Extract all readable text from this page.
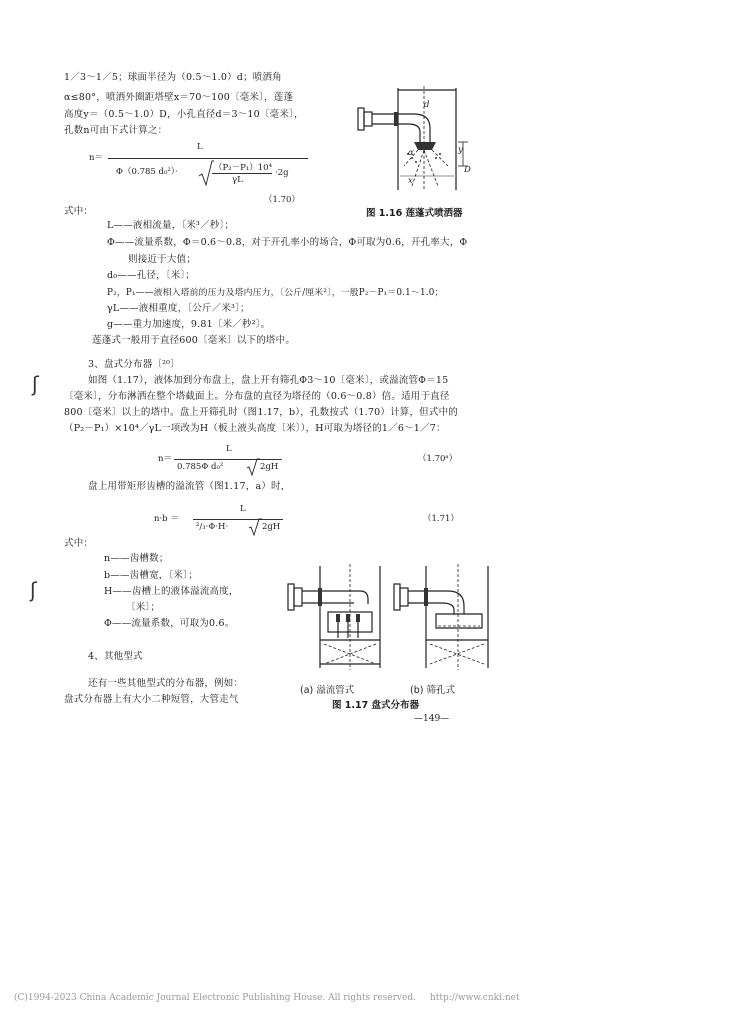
1／3～1／5；球面半径为（0.5～1.0）d；喷洒角
α≤80°，喷洒外圈距塔壁x＝70～100〔毫米〕，莲蓬
高度y＝（0.5～1.0）D，小孔直径d＝3～10〔毫米〕，
孔数n可由下式计算之：
n＝
L
Φ（0.785 d₀²）·	（P₂－P₁）10⁴
γL
·2g
（1.70）
式中：
L——液相流量，〔米³／秒〕；
Φ——流量系数，Φ＝0.6～0.8，对于开孔率小的场合，Φ可取为0.6，开孔率大，Φ
则接近于大值；
d₀——孔径，〔米〕；
P₂，P₁——液相入塔前的压力及塔内压力，〔公斤/厘米²〕，一般P₂－P₁＝0.1～1.0；
γL——液相重度，〔公斤／米³〕；
g——重力加速度，9.81〔米／秒²〕。
莲蓬式一般用于直径600〔毫米〕以下的塔中。
3、盘式分布器〔²⁰〕
如图（1.17），液体加到分布盘上，盘上开有筛孔Φ3～10〔毫米〕，或溢流管Φ＝15
〔毫米〕，分布淋洒在整个塔截面上。分布盘的直径为塔径的（0.6～0.8）倍。适用于直径
800〔毫米〕以上的塔中。盘上开筛孔时（图1.17，b），孔数按式（1.70）计算，但式中的
（P₂－P₁）×10⁴／γL一项改为H（板上液头高度〔米〕），H可取为塔径的1／6～1／7：
n＝
L
0.785Φ d₀²	2gH
（1.70ᵃ）
盘上用带矩形齿槽的溢流管（图1.17，a）时，
n·b ＝
L
²/₃·Φ·H·	2gH
（1.71）
式中：
n——齿槽数；
b——齿槽宽，〔米〕；
H——齿槽上的液体溢流高度，
〔米〕；
Φ——流量系数，可取为0.6。
4、其他型式
还有一些其他型式的分布器，例如：
盘式分布器上有大小二种短管，大管走气
d
D
α	y
x
图 1.16 莲蓬式喷洒器
(a) 溢流管式	(b) 筛孔式
图 1.17 盘式分布器
—149—
ʃ
ʃ
(C)1994-2023 China Academic Journal Electronic Publishing House. All rights reserved. http://www.cnki.net
